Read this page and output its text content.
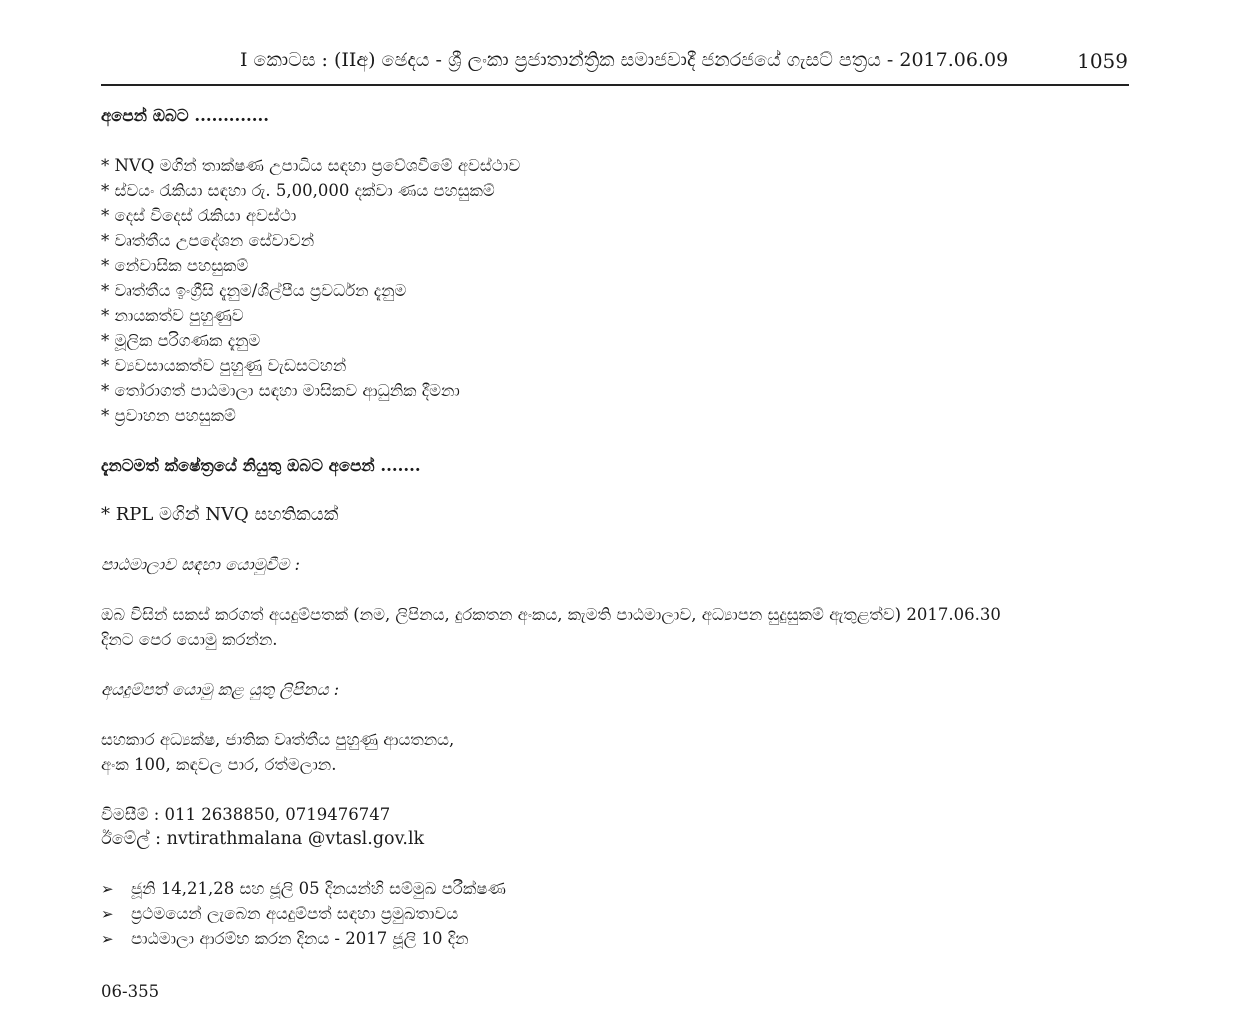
I කොටස : (IIඅ) ඡෙදය - ශ්‍රී ලංකා ප්‍රජාතාන්ත්‍රික සමාජවාදී ජනරජයේ ගැසට් පත්‍රය - 2017.06.09	1059
අපෙන් ඔබට .............
* NVQ මගින් තාක්ෂණ උපාධිය සඳහා ප්‍රවේශවීමේ අවස්ථාව
* ස්වයං රැකියා සඳහා රු. 5,00,000 දක්වා ණය පහසුකම්
* දෙස් විදෙස් රැකියා අවස්ථා
* වෘත්තීය උපදේශන සේවාවන්
* නේවාසික පහසුකම්
* වෘත්තීය ඉංග්‍රීසි දැනුම/ශිල්පීය ප්‍රවර්ධන දැනුම
* නායකත්ව පුහුණුව
* මූලික පරිගණක දැනුම
* ව්‍යවසායකත්ව පුහුණු වැඩසටහන්
* තෝරාගත් පාඨමාලා සඳහා මාසිකව ආධුනික දීමනා
* ප්‍රවාහන පහසුකම්
දැනටමත් ක්ෂේත්‍රයේ නියුතු ඔබට අපෙන් .......
* RPL මගින් NVQ සහතිකයක්
පාඨමාලාව සඳහා යොමුවීම :
ඔබ විසින් සකස් කරගත් අයදුම්පතක් (නම, ලිපිනය, දුරකතන අංකය, කැමති පාඨමාලාව, අධ්‍යාපන සුදුසුකම් ඇතුළත්ව) 2017.06.30
දිනට පෙර යොමු කරන්න.
අයදුම්පත් යොමු කළ යුතු ලිපිනය :
සහකාර අධ්‍යක්ෂ, ජාතික වෘත්තීය පුහුණු ආයතනය,
අංක 100, කඳවල පාර, රත්මලාන.
විමසීම් : 011 2638850, 0719476747
ඊමේල් : nvtirathmalana @vtasl.gov.lk
➢ ජූනි 14,21,28 සහ ජූලි 05 දිනයන්හි සම්මුඛ පරීක්ෂණ
➢ ප්‍රථමයෙන් ලැබෙන අයදුම්පත් සඳහා ප්‍රමුඛතාවය
➢ පාඨමාලා ආරම්භ කරන දිනය - 2017 ජූලි 10 දින
06-355
